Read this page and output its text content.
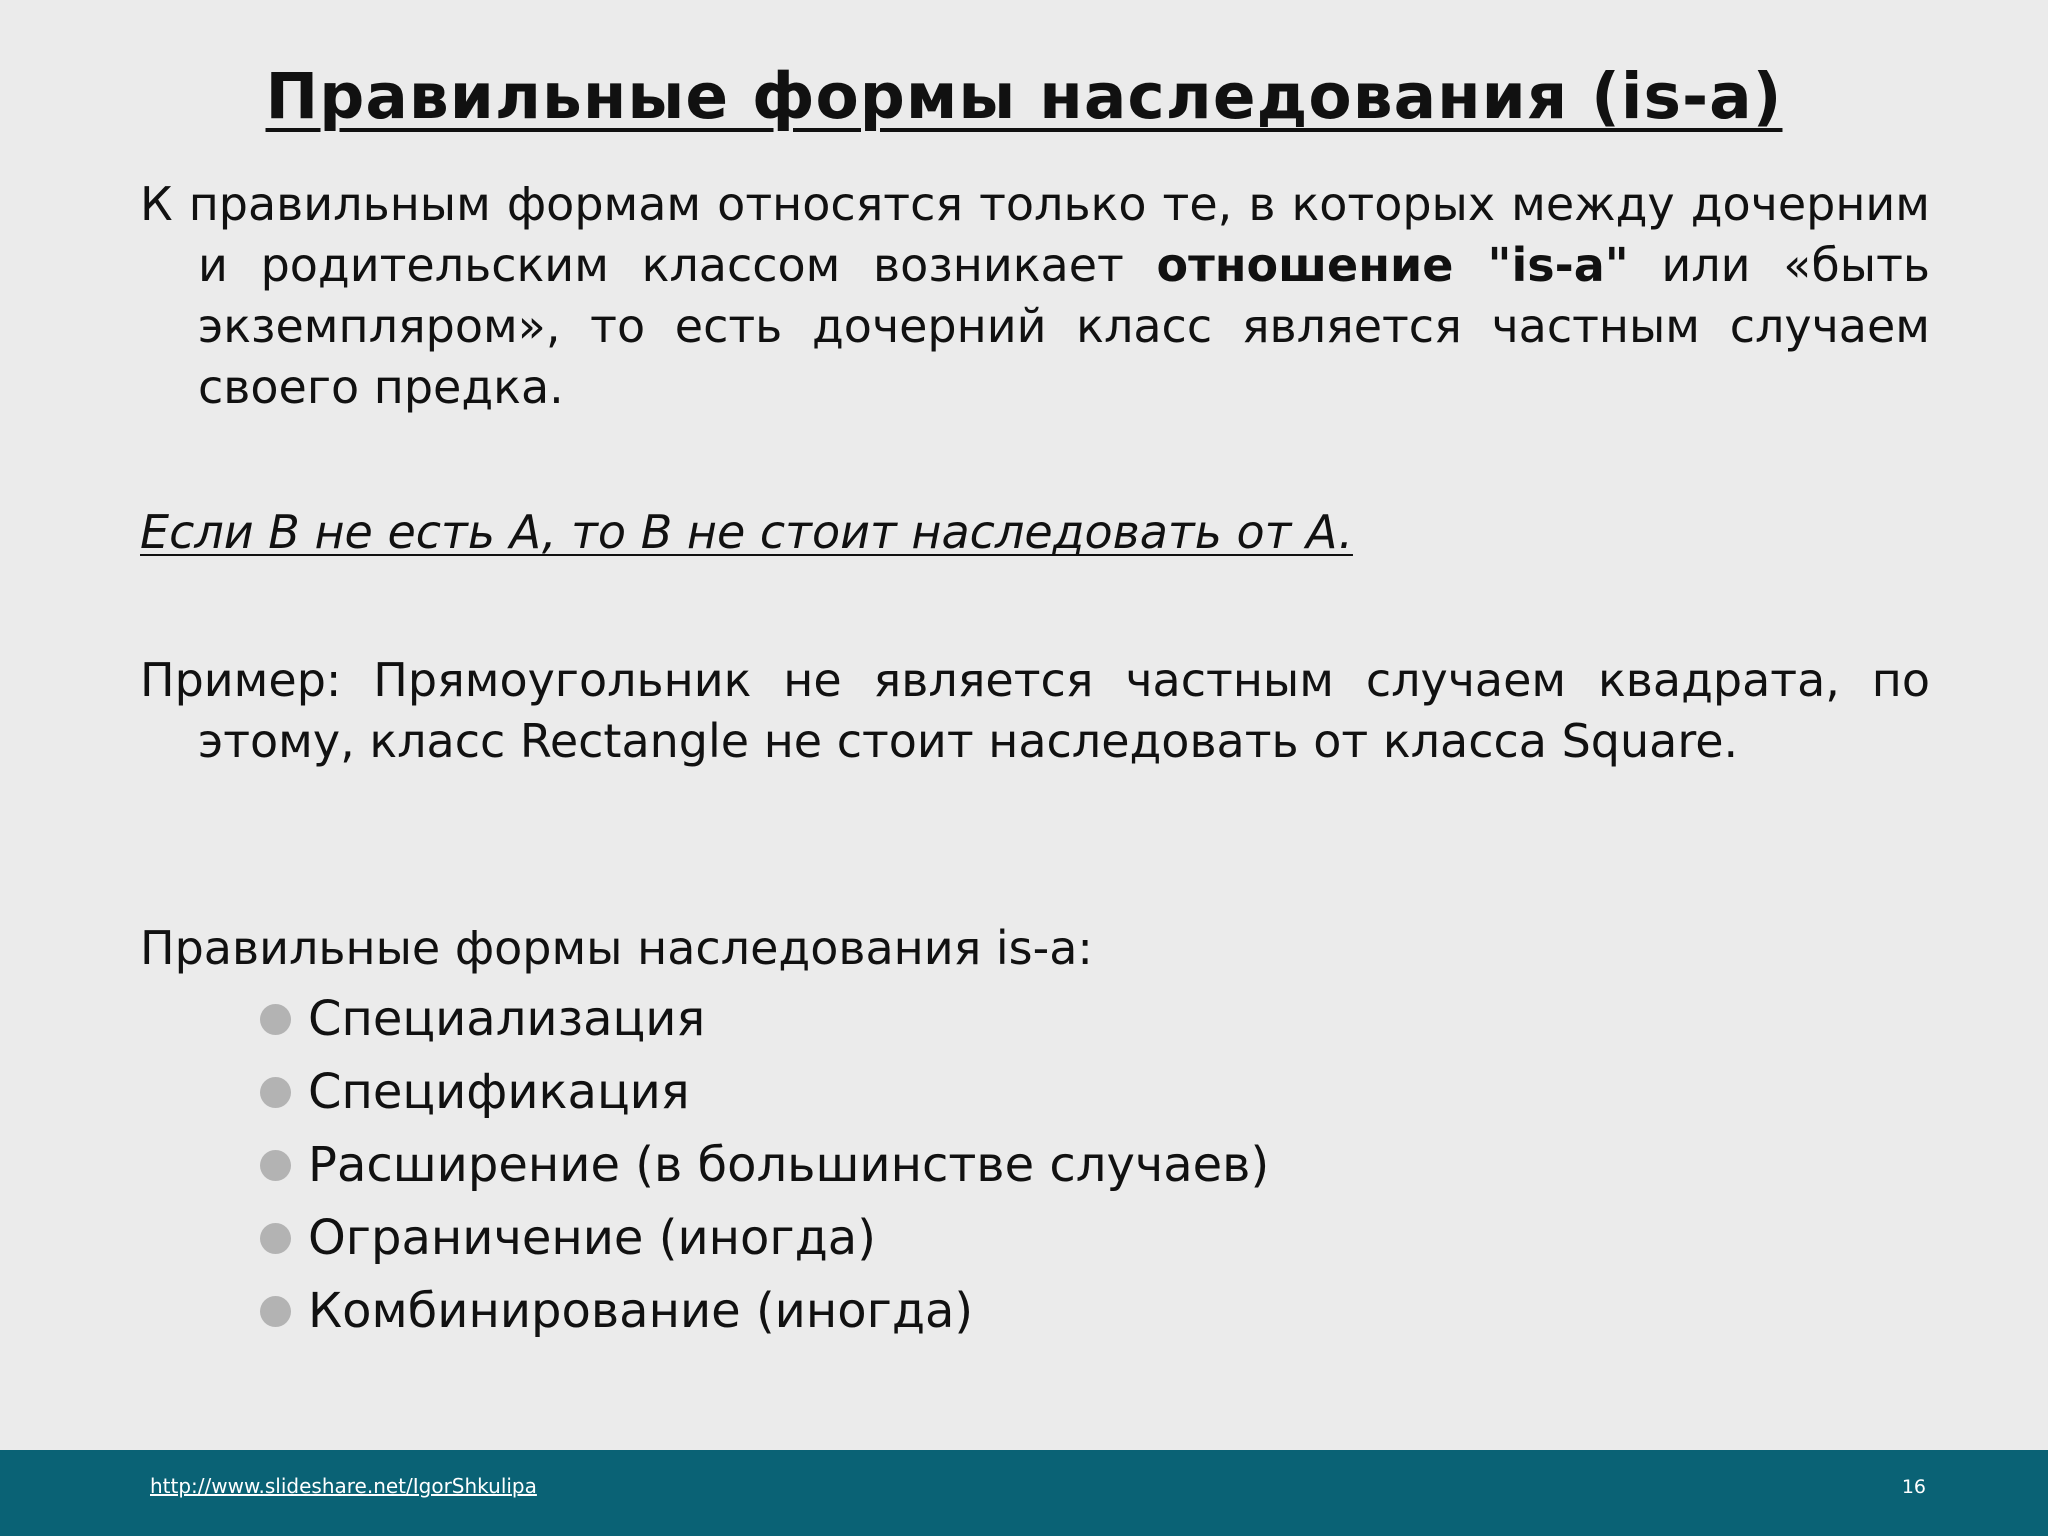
Правильные формы наследования (is-a)
К правильным формам относятся только те, в которых между дочерним и родительским классом возникает отношение "is-a" или «быть экземпляром», то есть дочерний класс является частным случаем своего предка.
Если B не есть A, то B не стоит наследовать от A.
Пример: Прямоугольник не является частным случаем квадрата, по этому, класс Rectangle не стоит наследовать от класса Square.
Правильные формы наследования is-a:
Специализация
Спецификация
Расширение (в большинстве случаев)
Ограничение (иногда)
Комбинирование (иногда)
http://www.slideshare.net/IgorShkulipa	16
